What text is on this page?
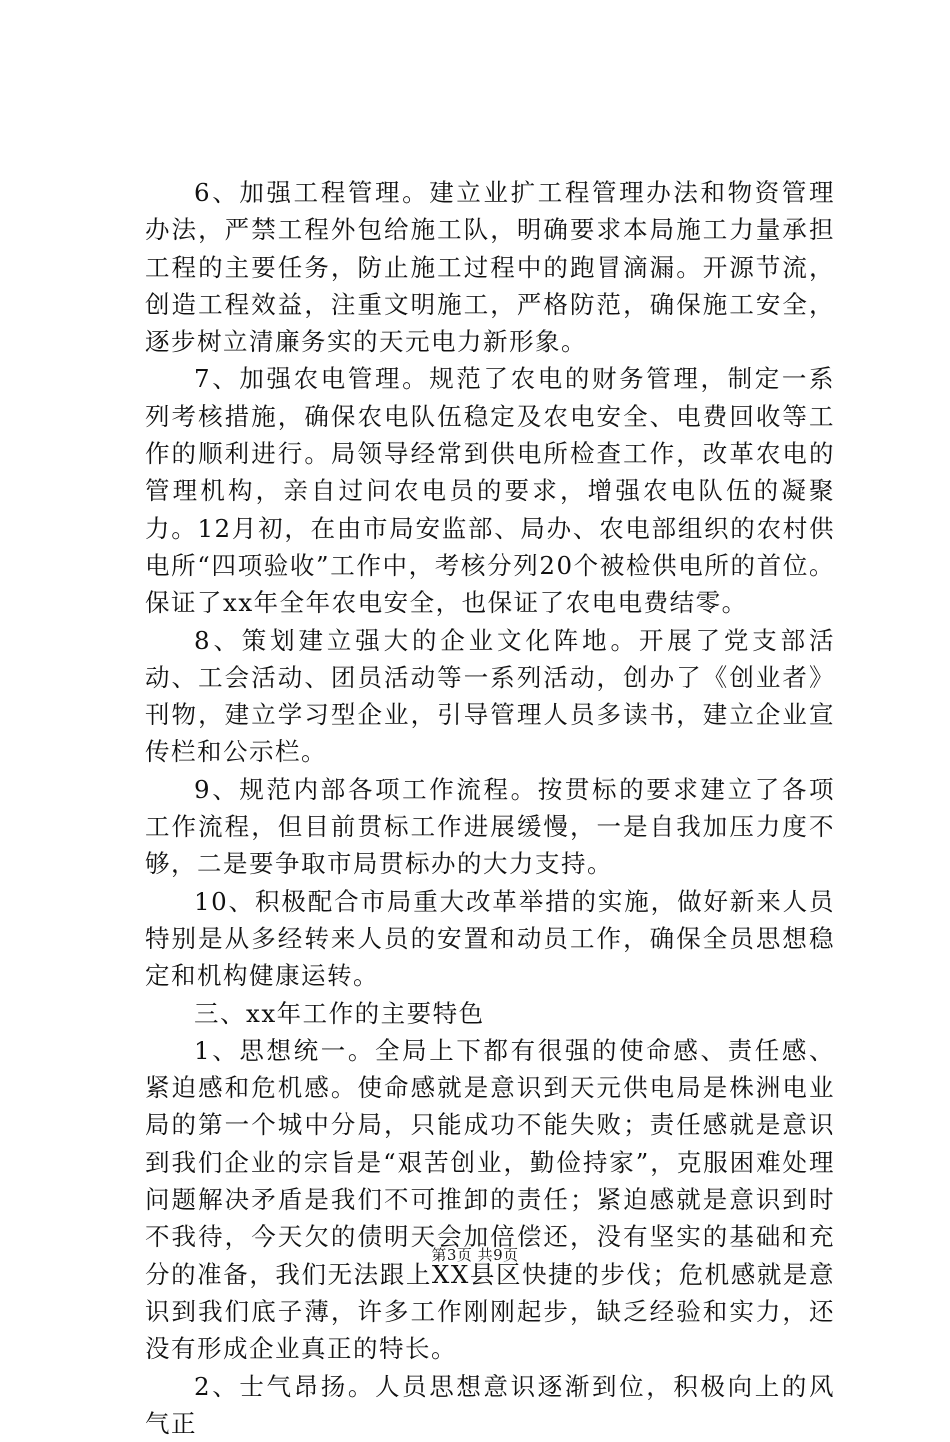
6、加强工程管理。建立业扩工程管理办法和物资管理办法，严禁工程外包给施工队，明确要求本局施工力量承担工程的主要任务，防止施工过程中的跑冒滴漏。开源节流，创造工程效益，注重文明施工，严格防范，确保施工安全，逐步树立清廉务实的天元电力新形象。

7、加强农电管理。规范了农电的财务管理，制定一系列考核措施，确保农电队伍稳定及农电安全、电费回收等工作的顺利进行。局领导经常到供电所检查工作，改革农电的管理机构，亲自过问农电员的要求，增强农电队伍的凝聚力。12月初，在由市局安监部、局办、农电部组织的农村供电所“四项验收”工作中，考核分列20个被检供电所的首位。保证了xx年全年农电安全，也保证了农电电费结零。

8、策划建立强大的企业文化阵地。开展了党支部活动、工会活动、团员活动等一系列活动，创办了《创业者》刊物，建立学习型企业，引导管理人员多读书，建立企业宣传栏和公示栏。

9、规范内部各项工作流程。按贯标的要求建立了各项工作流程，但目前贯标工作进展缓慢，一是自我加压力度不够，二是要争取市局贯标办的大力支持。

10、积极配合市局重大改革举措的实施，做好新来人员特别是从多经转来人员的安置和动员工作，确保全员思想稳定和机构健康运转。

三、xx年工作的主要特色

1、思想统一。全局上下都有很强的使命感、责任感、紧迫感和危机感。使命感就是意识到天元供电局是株洲电业局的第一个城中分局，只能成功不能失败；责任感就是意识到我们企业的宗旨是“艰苦创业，勤俭持家”，克服困难处理问题解决矛盾是我们不可推卸的责任；紧迫感就是意识到时不我待，今天欠的债明天会加倍偿还，没有坚实的基础和充分的准备，我们无法跟上XX县区快捷的步伐；危机感就是意识到我们底子薄，许多工作刚刚起步，缺乏经验和实力，还没有形成企业真正的特长。

2、士气昂扬。人员思想意识逐渐到位，积极向上的风气正

第3页 共9页
